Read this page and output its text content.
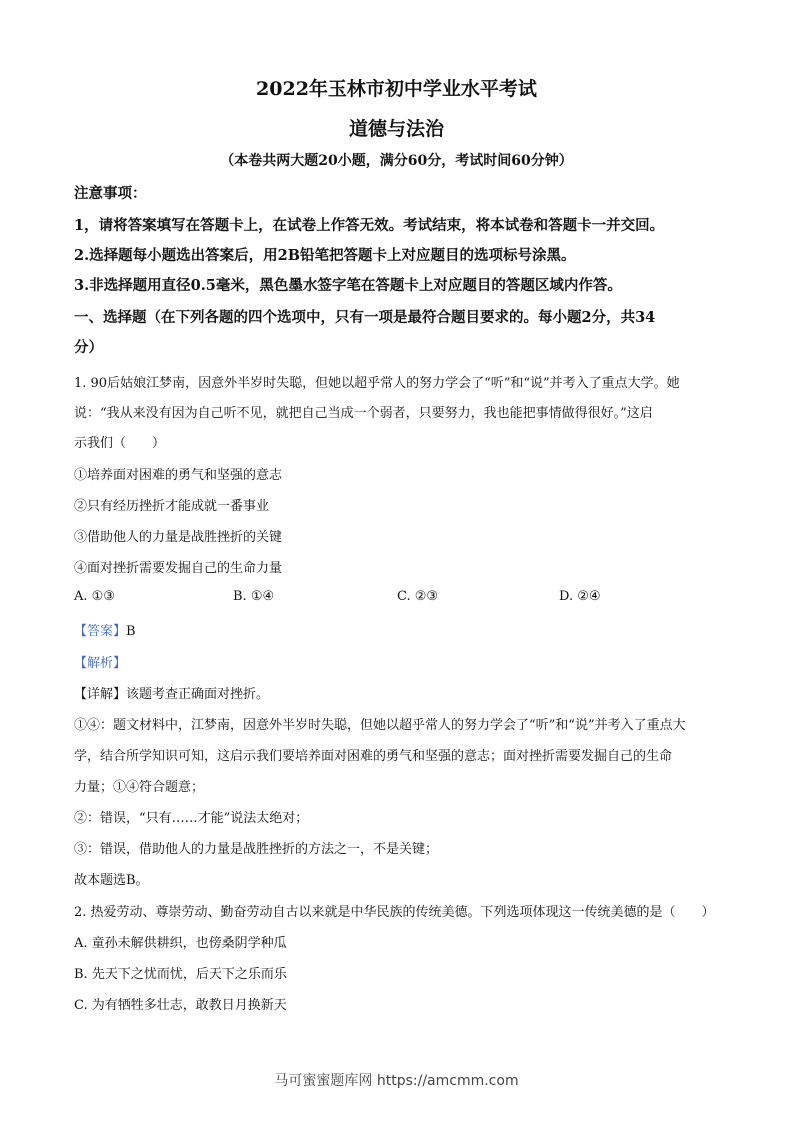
2022年玉林市初中学业水平考试
道德与法治
（本卷共两大题20小题，满分60分，考试时间60分钟）
注意事项：
1，请将答案填写在答题卡上，在试卷上作答无效。考试结束，将本试卷和答题卡一并交回。
2.选择题每小题选出答案后，用2B铅笔把答题卡上对应题目的选项标号涂黑。
3.非选择题用直径0.5毫米，黑色墨水签字笔在答题卡上对应题目的答题区域内作答。
一、选择题（在下列各题的四个选项中，只有一项是最符合题目要求的。每小题2分，共34
分）
1. 90后姑娘江梦南，因意外半岁时失聪，但她以超乎常人的努力学会了“听”和“说”并考入了重点大学。她
说：“我从来没有因为自己听不见，就把自己当成一个弱者，只要努力，我也能把事情做得很好。”这启
示我们（　　）
①培养面对困难的勇气和坚强的意志
②只有经历挫折才能成就一番事业
③借助他人的力量是战胜挫折的关键
④面对挫折需要发掘自己的生命力量
A. ①③	B. ①④	C. ②③	D. ②④
【答案】B
【解析】
【详解】该题考查正确面对挫折。
①④：题文材料中，江梦南，因意外半岁时失聪，但她以超乎常人的努力学会了“听”和“说”并考入了重点大
学，结合所学知识可知，这启示我们要培养面对困难的勇气和坚强的意志；面对挫折需要发掘自己的生命
力量；①④符合题意；
②：错误，“只有……才能”说法太绝对；
③：错误，借助他人的力量是战胜挫折的方法之一，不是关键；
故本题选B。
2. 热爱劳动、尊崇劳动、勤奋劳动自古以来就是中华民族的传统美德。下列选项体现这一传统美德的是（　　）
A. 童孙未解供耕织，也傍桑阴学种瓜
B. 先天下之忧而忧，后天下之乐而乐
C. 为有牺牲多壮志，敢教日月换新天
马可蜜蜜题库网 https://amcmm.com
